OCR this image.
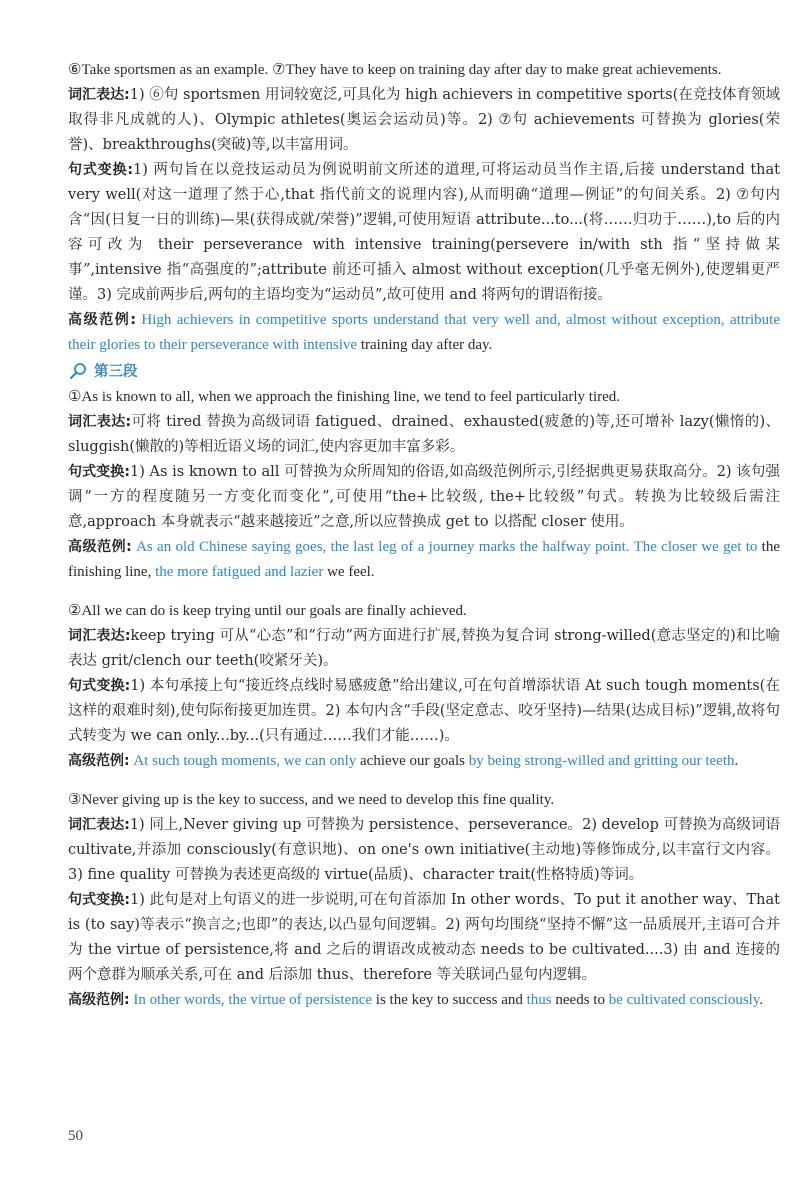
⑥Take sportsmen as an example. ⑦They have to keep on training day after day to make great achievements.

词汇表达:1) ⑥句 sportsmen 用词较宽泛,可具化为 high achievers in competitive sports(在竞技体育领域取得非凡成就的人)、Olympic athletes(奥运会运动员)等。2) ⑦句 achievements 可替换为 glories(荣誉)、breakthroughs(突破)等,以丰富用词。

句式变换:1) 两句旨在以竞技运动员为例说明前文所述的道理,可将运动员当作主语,后接 understand that very well(对这一道理了然于心,that 指代前文的说理内容),从而明确“道理—例证”的句间关系。2) ⑦句内含“因(日复一日的训练)—果(获得成就/荣誉)”逻辑,可使用短语 attribute...to...(将……归功于……),to 后的内容可改为 their perseverance with intensive training(persevere in/with sth 指“坚持做某事”,intensive 指“高强度的”;attribute 前还可插入 almost without exception(几乎毫无例外),使逻辑更严谨。3) 完成前两步后,两句的主语均变为“运动员”,故可使用 and 将两句的谓语衔接。

高级范例: High achievers in competitive sports understand that very well and, almost without exception, attribute their glories to their perseverance with intensive training day after day.

第三段

①As is known to all, when we approach the finishing line, we tend to feel particularly tired.

词汇表达:可将 tired 替换为高级词语 fatigued、drained、exhausted(疲惫的)等,还可增补 lazy(懒惰的)、sluggish(懒散的)等相近语义场的词汇,使内容更加丰富多彩。

句式变换:1) As is known to all 可替换为众所周知的俗语,如高级范例所示,引经据典更易获取高分。2) 该句强调“一方的程度随另一方变化而变化”,可使用“the+比较级, the+比较级”句式。转换为比较级后需注意,approach 本身就表示“越来越接近”之意,所以应替换成 get to 以搭配 closer 使用。

高级范例: As an old Chinese saying goes, the last leg of a journey marks the halfway point. The closer we get to the finishing line, the more fatigued and lazier we feel.

②All we can do is keep trying until our goals are finally achieved.

词汇表达:keep trying 可从“心态”和“行动”两方面进行扩展,替换为复合词 strong-willed(意志坚定的)和比喻表达 grit/clench our teeth(咬紧牙关)。

句式变换:1) 本句承接上句“接近终点线时易感疲惫”给出建议,可在句首增添状语 At such tough moments(在这样的艰难时刻),使句际衔接更加连贯。2) 本句内含“手段(坚定意志、咬牙坚持)—结果(达成目标)”逻辑,故将句式转变为 we can only...by...(只有通过……我们才能……)。

高级范例: At such tough moments, we can only achieve our goals by being strong-willed and gritting our teeth.

③Never giving up is the key to success, and we need to develop this fine quality.

词汇表达:1) 同上,Never giving up 可替换为 persistence、perseverance。2) develop 可替换为高级词语 cultivate,并添加 consciously(有意识地)、on one's own initiative(主动地)等修饰成分,以丰富行文内容。3) fine quality 可替换为表述更高级的 virtue(品质)、character trait(性格特质)等词。

句式变换:1) 此句是对上句语义的进一步说明,可在句首添加 In other words、To put it another way、That is (to say)等表示“换言之;也即”的表达,以凸显句间逻辑。2) 两句均围绕“坚持不懈”这一品质展开,主语可合并为 the virtue of persistence,将 and 之后的谓语改成被动态 needs to be cultivated....3) 由 and 连接的两个意群为顺承关系,可在 and 后添加 thus、therefore 等关联词凸显句内逻辑。

高级范例: In other words, the virtue of persistence is the key to success and thus needs to be cultivated consciously.

50
